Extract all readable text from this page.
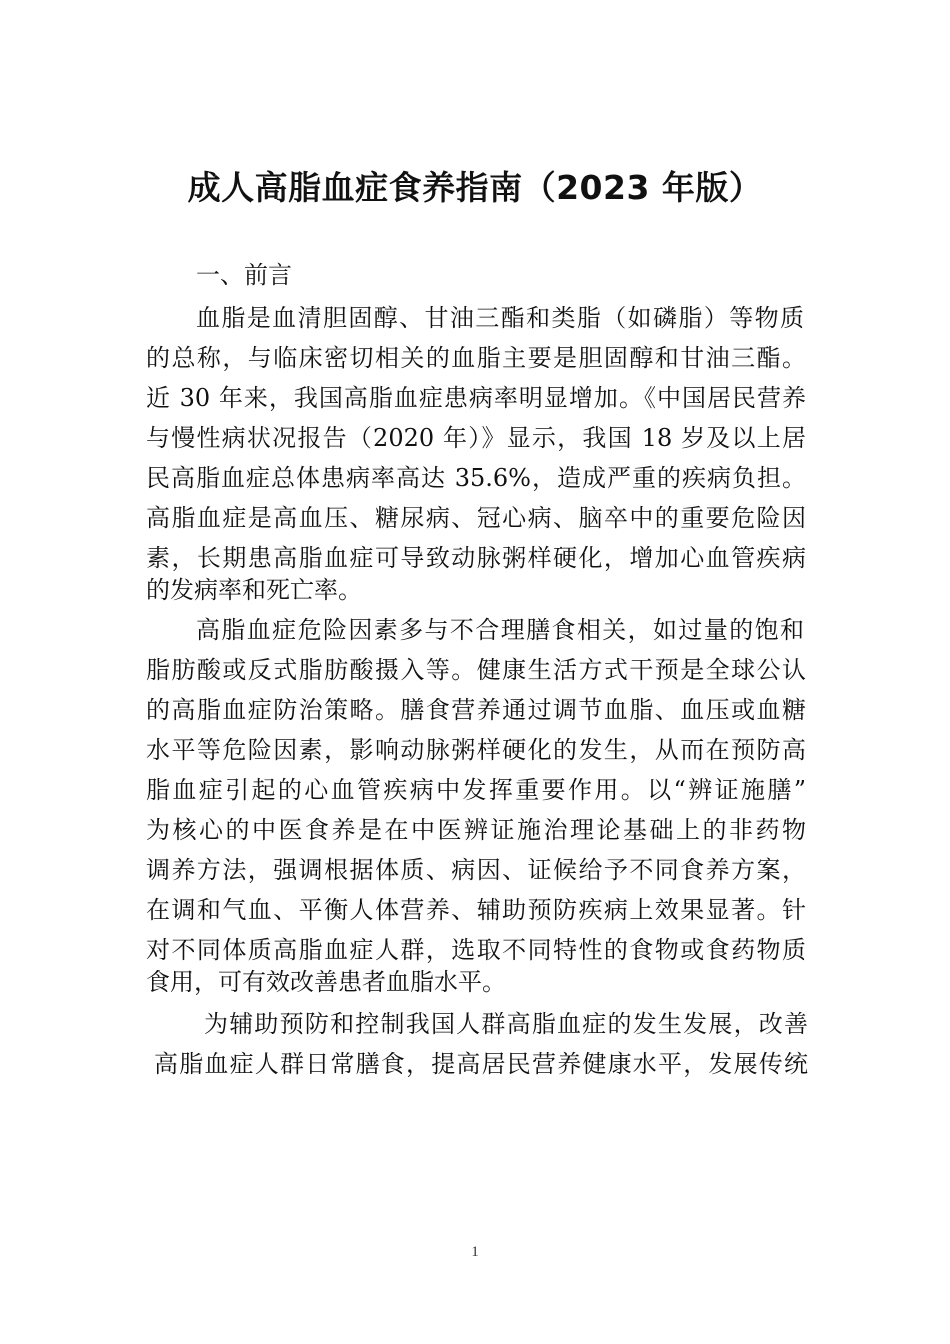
成人高脂血症食养指南（2023 年版）

一、前言

血脂是血清胆固醇、甘油三酯和类脂（如磷脂）等物质

的总称，与临床密切相关的血脂主要是胆固醇和甘油三酯。

近 30 年来，我国高脂血症患病率明显增加。《中国居民营养

与慢性病状况报告（2020 年）》显示，我国 18 岁及以上居

民高脂血症总体患病率高达 35.6%，造成严重的疾病负担。

高脂血症是高血压、糖尿病、冠心病、脑卒中的重要危险因

素，长期患高脂血症可导致动脉粥样硬化，增加心血管疾病

的发病率和死亡率。

高脂血症危险因素多与不合理膳食相关，如过量的饱和

脂肪酸或反式脂肪酸摄入等。健康生活方式干预是全球公认

的高脂血症防治策略。膳食营养通过调节血脂、血压或血糖

水平等危险因素，影响动脉粥样硬化的发生，从而在预防高

脂血症引起的心血管疾病中发挥重要作用。以“辨证施膳”

为核心的中医食养是在中医辨证施治理论基础上的非药物

调养方法，强调根据体质、病因、证候给予不同食养方案，

在调和气血、平衡人体营养、辅助预防疾病上效果显著。针

对不同体质高脂血症人群，选取不同特性的食物或食药物质

食用，可有效改善患者血脂水平。

为辅助预防和控制我国人群高脂血症的发生发展，改善

高脂血症人群日常膳食，提高居民营养健康水平，发展传统

1
